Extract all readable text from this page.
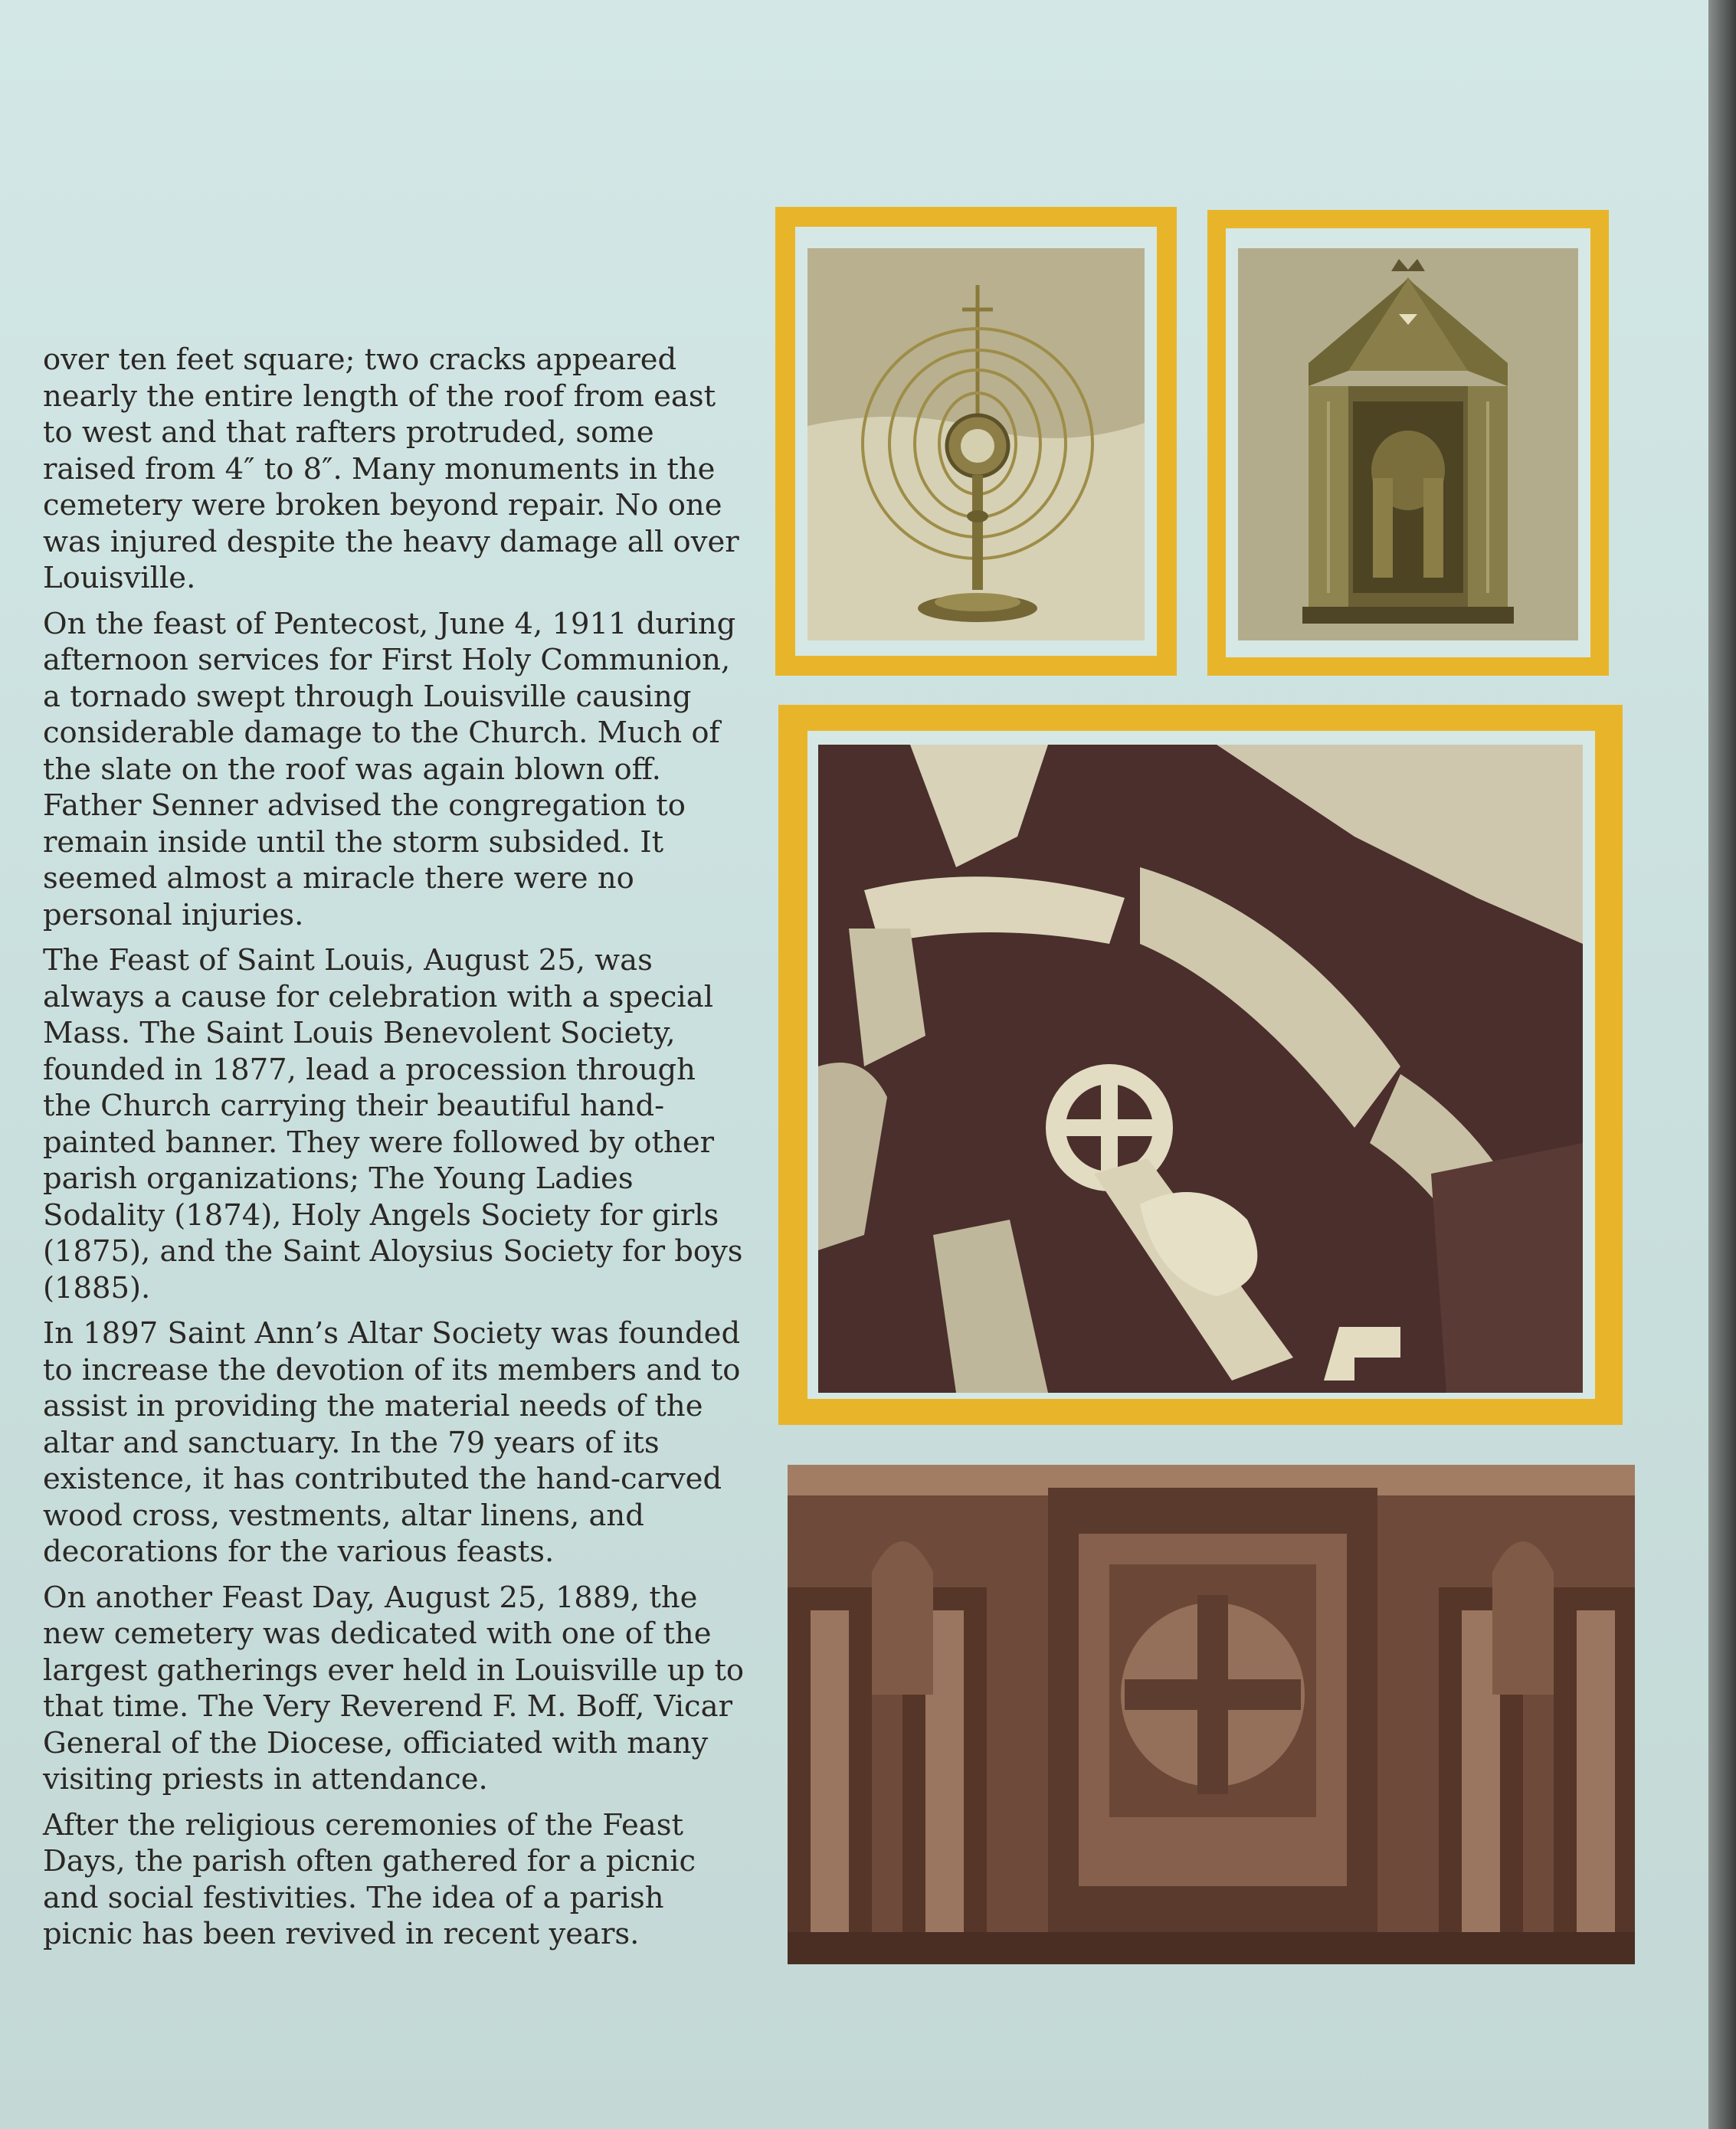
over ten feet square; two cracks appeared nearly the entire length of the roof from east to west and that rafters protruded, some raised from 4″ to 8″. Many monuments in the cemetery were broken beyond repair. No one was injured despite the heavy damage all over Louisville.

On the feast of Pentecost, June 4, 1911 during afternoon services for First Holy Communion, a tornado swept through Louisville causing considerable damage to the Church. Much of the slate on the roof was again blown off. Father Senner advised the congregation to remain inside until the storm subsided. It seemed almost a miracle there were no personal injuries.

The Feast of Saint Louis, August 25, was always a cause for celebration with a special Mass. The Saint Louis Benevolent Society, founded in 1877, lead a procession through the Church carrying their beautiful hand-painted banner. They were followed by other parish organizations; The Young Ladies Sodality (1874), Holy Angels Society for girls (1875), and the Saint Aloysius Society for boys (1885).

In 1897 Saint Ann’s Altar Society was founded to increase the devotion of its members and to assist in providing the material needs of the altar and sanctuary. In the 79 years of its existence, it has contributed the hand-carved wood cross, vestments, altar linens, and decorations for the various feasts.

On another Feast Day, August 25, 1889, the new cemetery was dedicated with one of the largest gatherings ever held in Louisville up to that time. The Very Reverend F. M. Boff, Vicar General of the Diocese, officiated with many visiting priests in attendance.

After the religious ceremonies of the Feast Days, the parish often gathered for a picnic and social festivities. The idea of a parish picnic has been revived in recent years.
